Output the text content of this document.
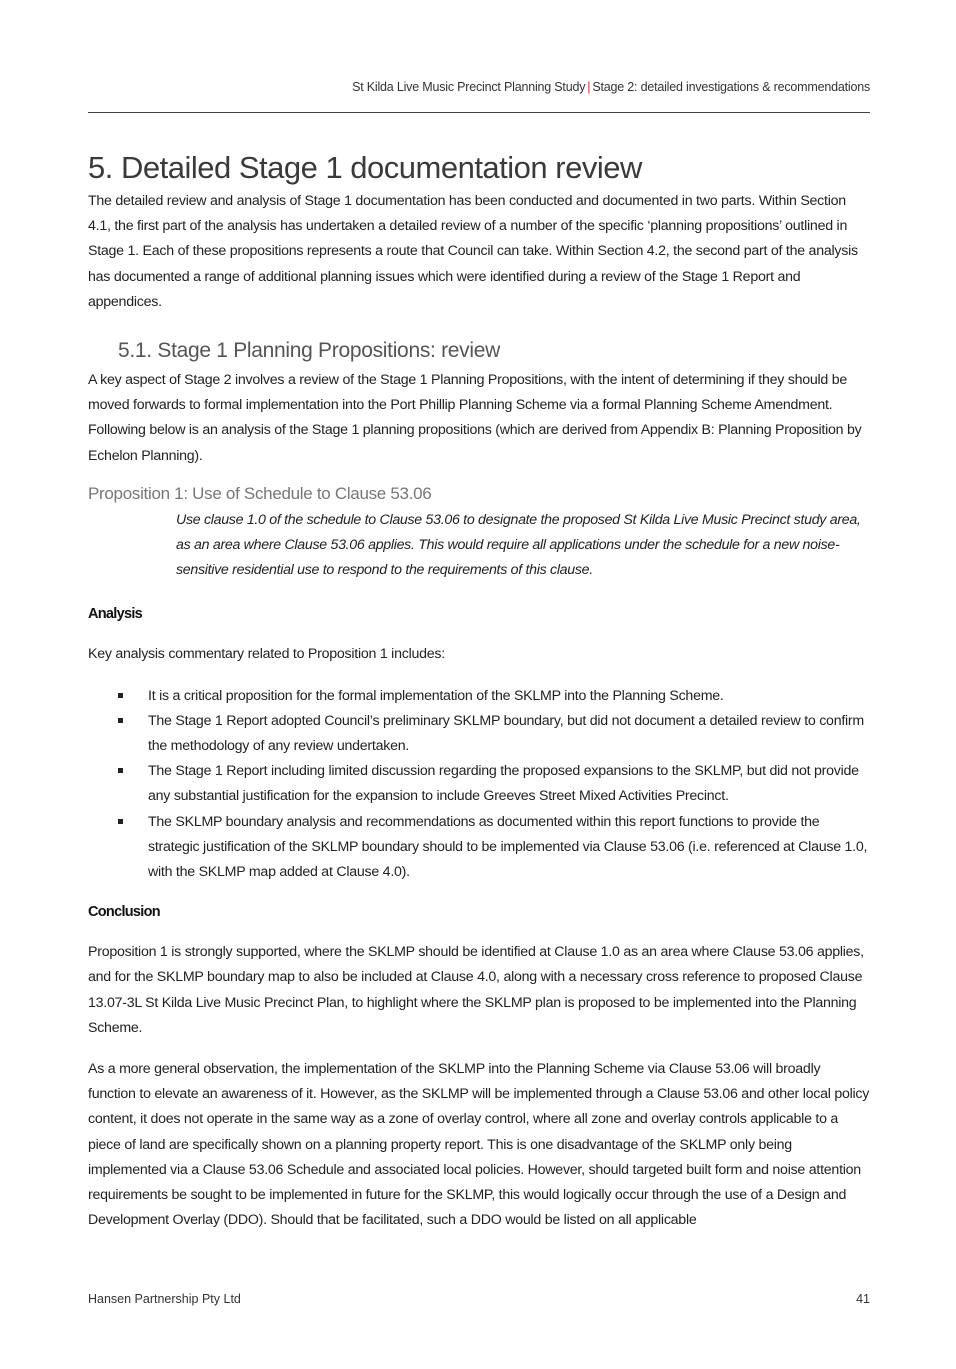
St Kilda Live Music Precinct Planning Study | Stage 2: detailed investigations & recommendations
5. Detailed Stage 1 documentation review

The detailed review and analysis of Stage 1 documentation has been conducted and documented in two parts. Within Section 4.1, the first part of the analysis has undertaken a detailed review of a number of the specific ‘planning propositions’ outlined in Stage 1. Each of these propositions represents a route that Council can take. Within Section 4.2, the second part of the analysis has documented a range of additional planning issues which were identified during a review of the Stage 1 Report and appendices.

5.1. Stage 1 Planning Propositions: review

A key aspect of Stage 2 involves a review of the Stage 1 Planning Propositions, with the intent of determining if they should be moved forwards to formal implementation into the Port Phillip Planning Scheme via a formal Planning Scheme Amendment. Following below is an analysis of the Stage 1 planning propositions (which are derived from Appendix B: Planning Proposition by Echelon Planning).

Proposition 1: Use of Schedule to Clause 53.06

Use clause 1.0 of the schedule to Clause 53.06 to designate the proposed St Kilda Live Music Precinct study area, as an area where Clause 53.06 applies. This would require all applications under the schedule for a new noise-sensitive residential use to respond to the requirements of this clause.

Analysis

Key analysis commentary related to Proposition 1 includes:

It is a critical proposition for the formal implementation of the SKLMP into the Planning Scheme.
The Stage 1 Report adopted Council’s preliminary SKLMP boundary, but did not document a detailed review to confirm the methodology of any review undertaken.
The Stage 1 Report including limited discussion regarding the proposed expansions to the SKLMP, but did not provide any substantial justification for the expansion to include Greeves Street Mixed Activities Precinct.
The SKLMP boundary analysis and recommendations as documented within this report functions to provide the strategic justification of the SKLMP boundary should to be implemented via Clause 53.06 (i.e. referenced at Clause 1.0, with the SKLMP map added at Clause 4.0).
Conclusion

Proposition 1 is strongly supported, where the SKLMP should be identified at Clause 1.0 as an area where Clause 53.06 applies, and for the SKLMP boundary map to also be included at Clause 4.0, along with a necessary cross reference to proposed Clause 13.07-3L St Kilda Live Music Precinct Plan, to highlight where the SKLMP plan is proposed to be implemented into the Planning Scheme.

As a more general observation, the implementation of the SKLMP into the Planning Scheme via Clause 53.06 will broadly function to elevate an awareness of it. However, as the SKLMP will be implemented through a Clause 53.06 and other local policy content, it does not operate in the same way as a zone of overlay control, where all zone and overlay controls applicable to a piece of land are specifically shown on a planning property report. This is one disadvantage of the SKLMP only being implemented via a Clause 53.06 Schedule and associated local policies. However, should targeted built form and noise attention requirements be sought to be implemented in future for the SKLMP, this would logically occur through the use of a Design and Development Overlay (DDO). Should that be facilitated, such a DDO would be listed on all applicable

Hansen Partnership Pty Ltd	41
